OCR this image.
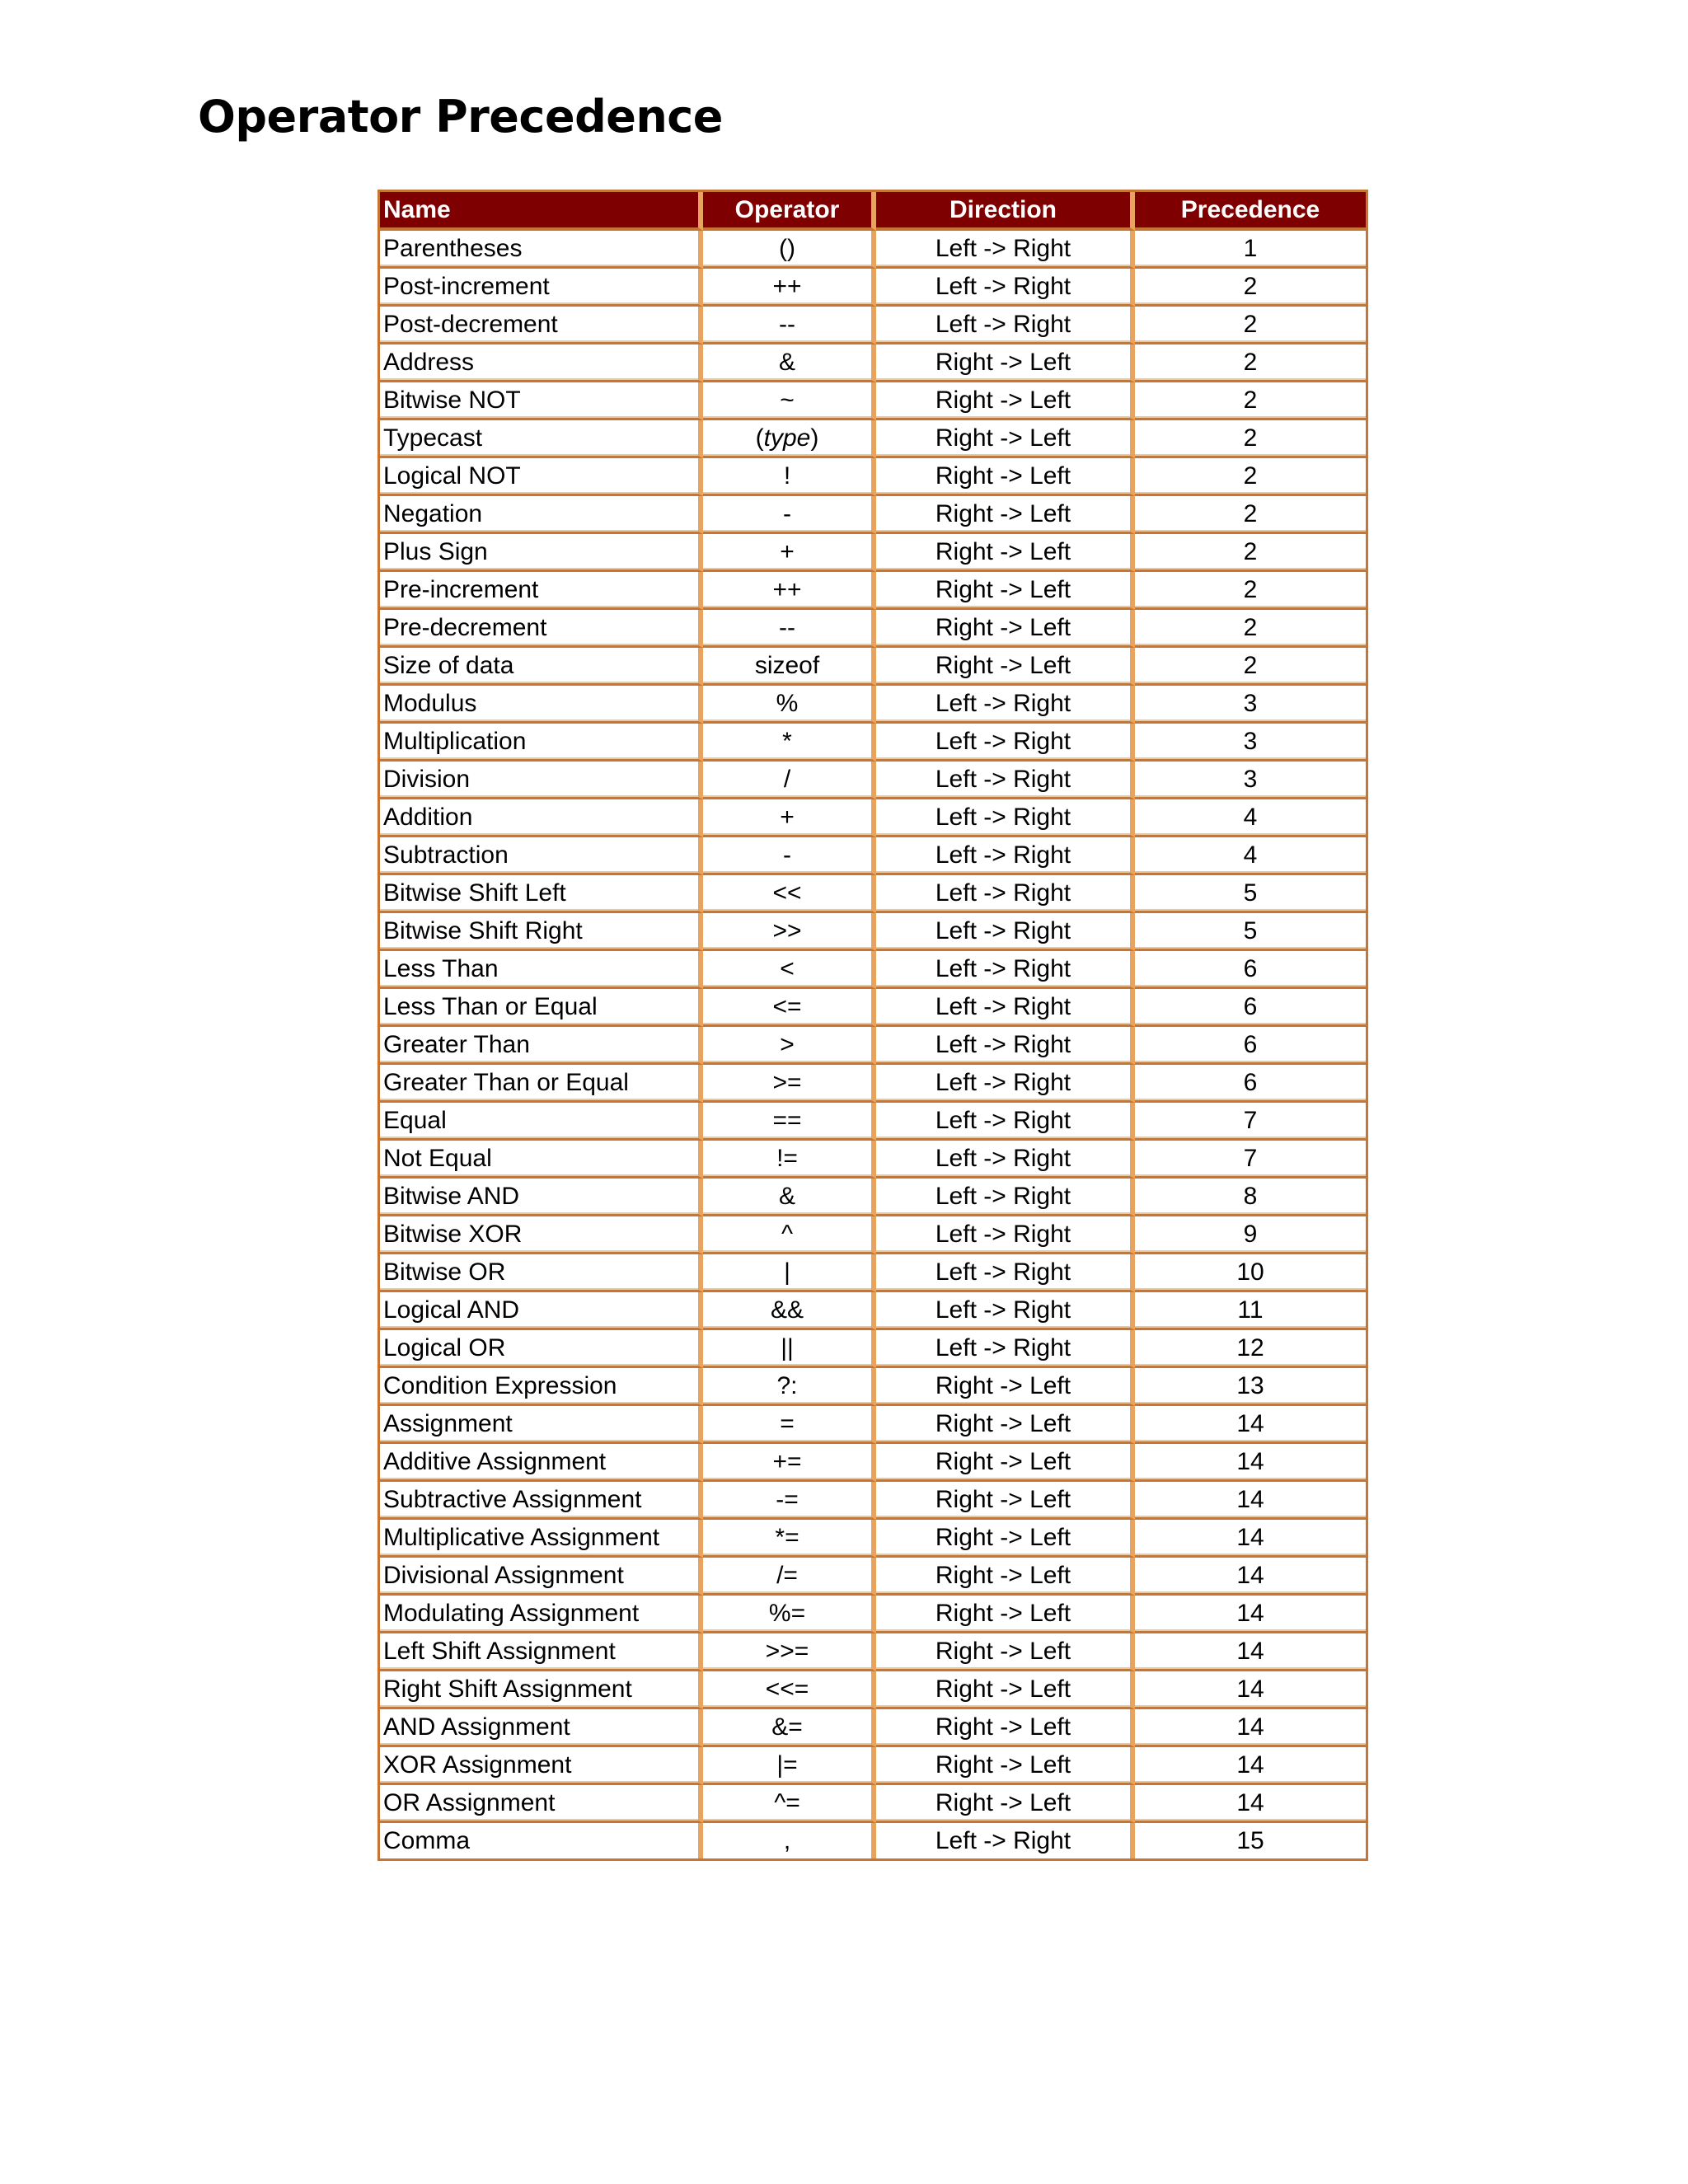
Operator Precedence
Name	Operator	Direction	Precedence
Parentheses	()	Left -> Right	1
Post-increment	++	Left -> Right	2
Post-decrement	--	Left -> Right	2
Address	&	Right -> Left	2
Bitwise NOT	~	Right -> Left	2
Typecast	(type)	Right -> Left	2
Logical NOT	!	Right -> Left	2
Negation	-	Right -> Left	2
Plus Sign	+	Right -> Left	2
Pre-increment	++	Right -> Left	2
Pre-decrement	--	Right -> Left	2
Size of data	sizeof	Right -> Left	2
Modulus	%	Left -> Right	3
Multiplication	*	Left -> Right	3
Division	/	Left -> Right	3
Addition	+	Left -> Right	4
Subtraction	-	Left -> Right	4
Bitwise Shift Left	<<	Left -> Right	5
Bitwise Shift Right	>>	Left -> Right	5
Less Than	<	Left -> Right	6
Less Than or Equal	<=	Left -> Right	6
Greater Than	>	Left -> Right	6
Greater Than or Equal	>=	Left -> Right	6
Equal	==	Left -> Right	7
Not Equal	!=	Left -> Right	7
Bitwise AND	&	Left -> Right	8
Bitwise XOR	^	Left -> Right	9
Bitwise OR	|	Left -> Right	10
Logical AND	&&	Left -> Right	11
Logical OR	||	Left -> Right	12
Condition Expression	?:	Right -> Left	13
Assignment	=	Right -> Left	14
Additive Assignment	+=	Right -> Left	14
Subtractive Assignment	-=	Right -> Left	14
Multiplicative Assignment	*=	Right -> Left	14
Divisional Assignment	/=	Right -> Left	14
Modulating Assignment	%=	Right -> Left	14
Left Shift Assignment	>>=	Right -> Left	14
Right Shift Assignment	<<=	Right -> Left	14
AND Assignment	&=	Right -> Left	14
XOR Assignment	|=	Right -> Left	14
OR Assignment	^=	Right -> Left	14
Comma	,	Left -> Right	15
